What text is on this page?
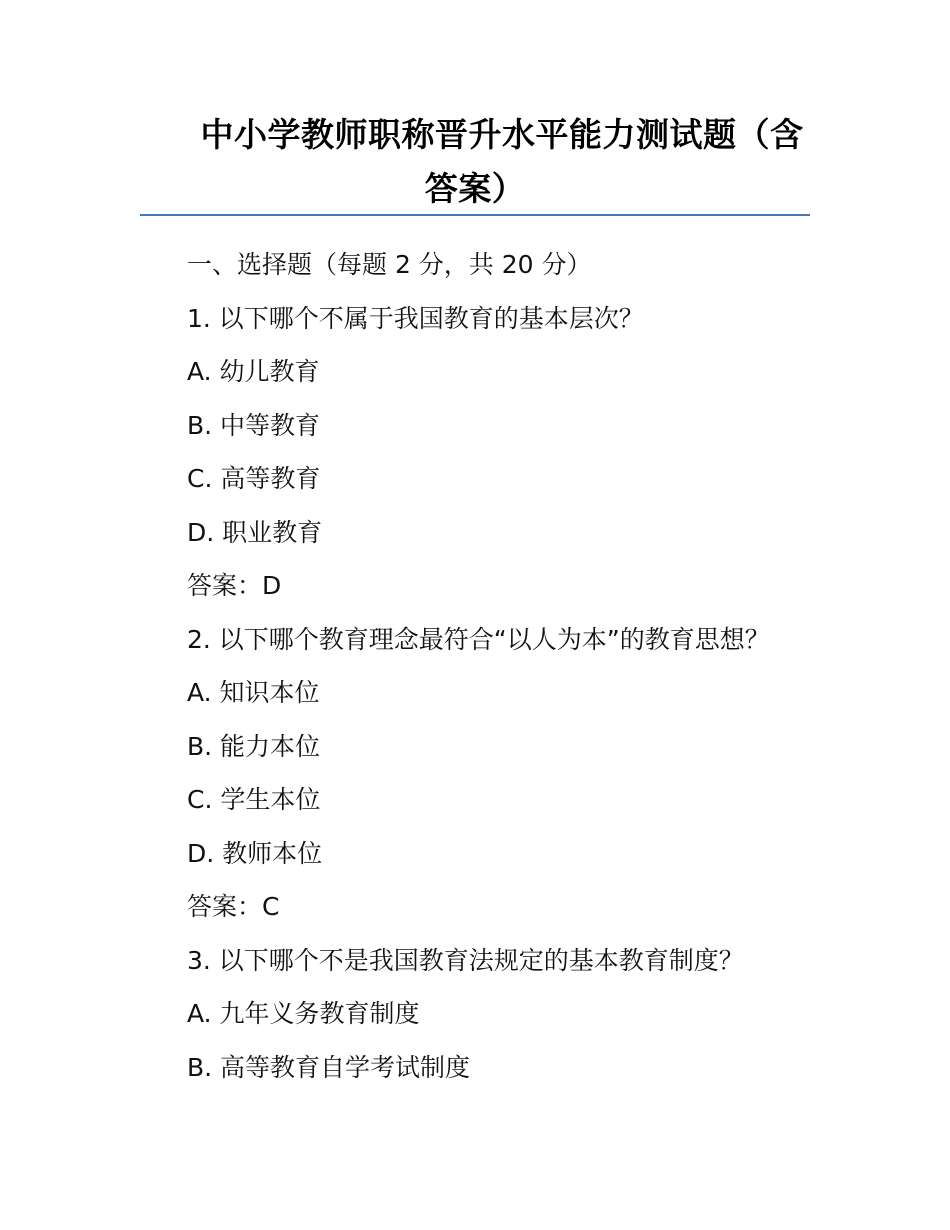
中小学教师职称晋升水平能力测试题（含
答案）
一、选择题（每题 2 分，共 20 分）
1. 以下哪个不属于我国教育的基本层次？
A. 幼儿教育
B. 中等教育
C. 高等教育
D. 职业教育
答案：D
2. 以下哪个教育理念最符合“以人为本”的教育思想？
A. 知识本位
B. 能力本位
C. 学生本位
D. 教师本位
答案：C
3. 以下哪个不是我国教育法规定的基本教育制度？
A. 九年义务教育制度
B. 高等教育自学考试制度
